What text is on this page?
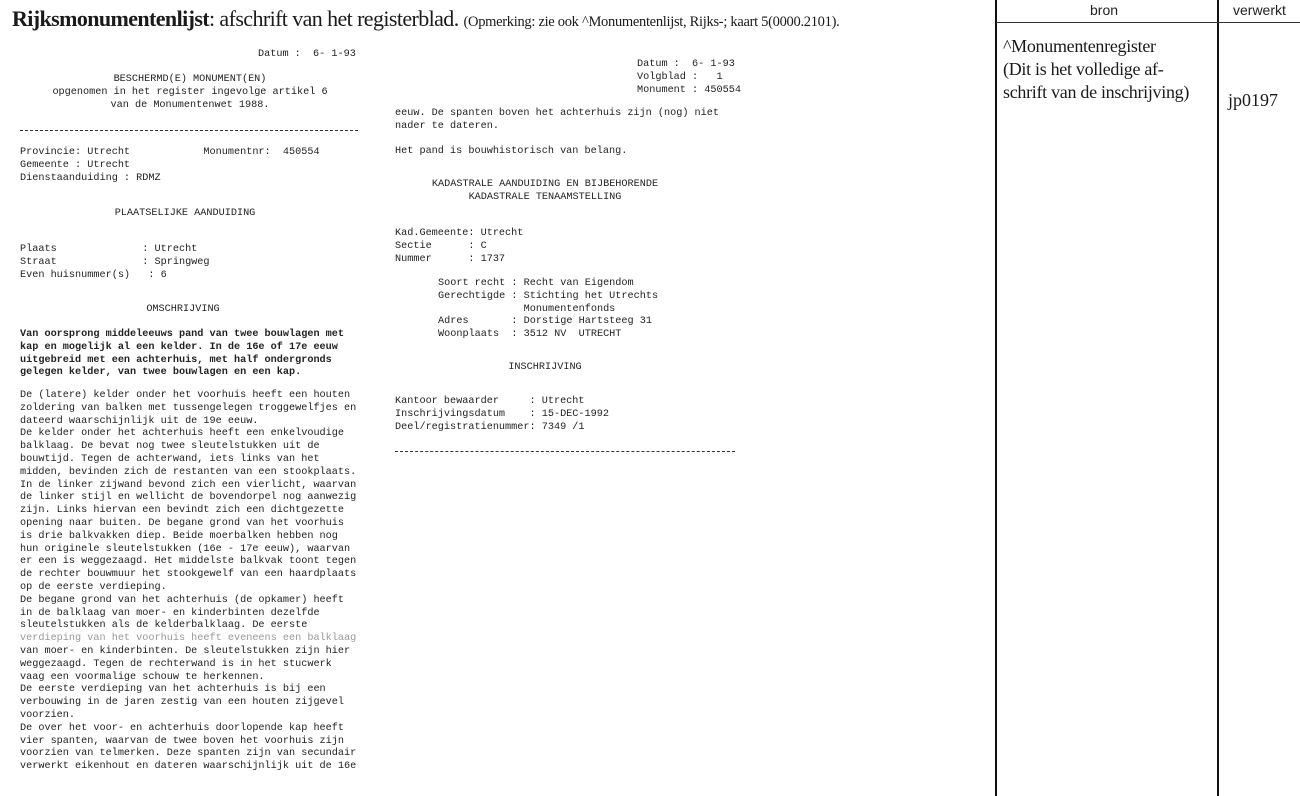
Rijksmonumentenlijst: afschrift van het registerblad. (Opmerking: zie ook ^Monumentenlijst, Rijks-; kaart 5(0000.2101).
bron	verwerkt
^Monumentenregister
(Dit is het volledige af-
schrift van de inschrijving) jp0197
Datum :  6- 1-93
BESCHERMD(E) MONUMENT(EN)
opgenomen in het register ingevolge artikel 6
van de Monumentenwet 1988.
Provincie: Utrecht            Monumentnr:  450554
Gemeente : Utrecht
Dienstaanduiding : RDMZ
PLAATSELIJKE AANDUIDING
Plaats              : Utrecht
Straat              : Springweg
Even huisnummer(s)   : 6
OMSCHRIJVING
Van oorsprong middeleeuws pand van twee bouwlagen met
kap en mogelijk al een kelder. In de 16e of 17e eeuw
uitgebreid met een achterhuis, met half ondergronds
gelegen kelder, van twee bouwlagen en een kap.
De (latere) kelder onder het voorhuis heeft een houten
zoldering van balken met tussengelegen troggewelfjes en
dateerd waarschijnlijk uit de 19e eeuw.
De kelder onder het achterhuis heeft een enkelvoudige
balklaag. De bevat nog twee sleutelstukken uit de
bouwtijd. Tegen de achterwand, iets links van het
midden, bevinden zich de restanten van een stookplaats.
In de linker zijwand bevond zich een vierlicht, waarvan
de linker stijl en wellicht de bovendorpel nog aanwezig
zijn. Links hiervan een bevindt zich een dichtgezette
opening naar buiten. De begane grond van het voorhuis
is drie balkvakken diep. Beide moerbalken hebben nog
hun originele sleutelstukken (16e - 17e eeuw), waarvan
er een is weggezaagd. Het middelste balkvak toont tegen
de rechter bouwmuur het stookgewelf van een haardplaats
op de eerste verdieping.
De begane grond van het achterhuis (de opkamer) heeft
in de balklaag van moer- en kinderbinten dezelfde
sleutelstukken als de kelderbalklaag. De eerste
verdieping van het voorhuis heeft eveneens een balklaag
van moer- en kinderbinten. De sleutelstukken zijn hier
weggezaagd. Tegen de rechterwand is in het stucwerk
vaag een voormalige schouw te herkennen.
De eerste verdieping van het achterhuis is bij een
verbouwing in de jaren zestig van een houten zijgevel
voorzien.
De over het voor- en achterhuis doorlopende kap heeft
vier spanten, waarvan de twee boven het voorhuis zijn
voorzien van telmerken. Deze spanten zijn van secundair
verwerkt eikenhout en dateren waarschijnlijk uit de 16e
Datum :  6- 1-93
Volgblad :   1
Monument : 450554
eeuw. De spanten boven het achterhuis zijn (nog) niet
nader te dateren.
Het pand is bouwhistorisch van belang.
KADASTRALE AANDUIDING EN BIJBEHORENDE
KADASTRALE TENAAMSTELLING
Kad.Gemeente: Utrecht
Sectie      : C
Nummer      : 1737
Soort recht : Recht van Eigendom
Gerechtigde : Stichting het Utrechts
Monumentenfonds
Adres       : Dorstige Hartsteeg 31
Woonplaats  : 3512 NV  UTRECHT
INSCHRIJVING
Kantoor bewaarder     : Utrecht
Inschrijvingsdatum    : 15-DEC-1992
Deel/registratienummer: 7349 /1
